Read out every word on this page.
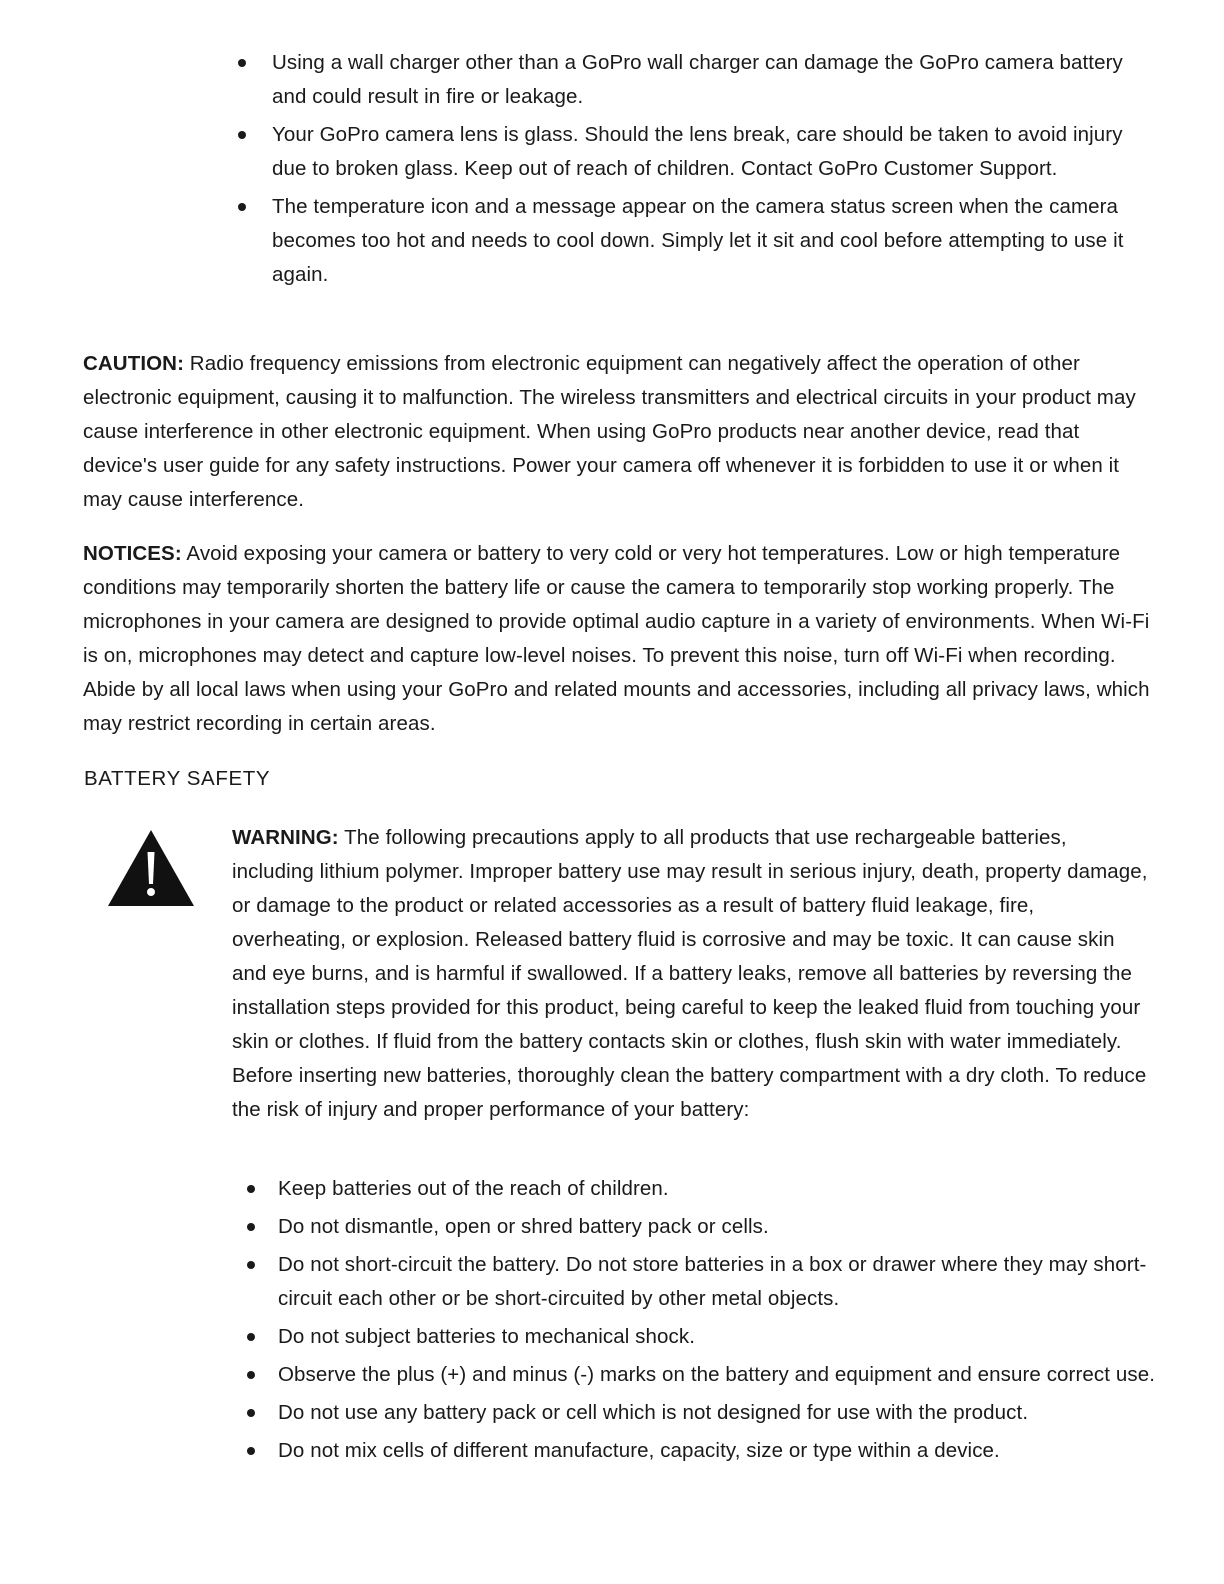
Using a wall charger other than a GoPro wall charger can damage the GoPro camera battery and could result in fire or leakage.
Your GoPro camera lens is glass. Should the lens break, care should be taken to avoid injury due to broken glass. Keep out of reach of children. Contact GoPro Customer Support.
The temperature icon and a message appear on the camera status screen when the camera becomes too hot and needs to cool down. Simply let it sit and cool before attempting to use it again.

CAUTION: Radio frequency emissions from electronic equipment can negatively affect the operation of other electronic equipment, causing it to malfunction. The wireless transmitters and electrical circuits in your product may cause interference in other electronic equipment. When using GoPro products near another device, read that device's user guide for any safety instructions. Power your camera off whenever it is forbidden to use it or when it may cause interference.

NOTICES: Avoid exposing your camera or battery to very cold or very hot temperatures. Low or high temperature conditions may temporarily shorten the battery life or cause the camera to temporarily stop working properly. The microphones in your camera are designed to provide optimal audio capture in a variety of environments. When Wi-Fi is on, microphones may detect and capture low-level noises. To prevent this noise, turn off Wi-Fi when recording. Abide by all local laws when using your GoPro and related mounts and accessories, including all privacy laws, which may restrict recording in certain areas.

BATTERY SAFETY

WARNING: The following precautions apply to all products that use rechargeable batteries, including lithium polymer. Improper battery use may result in serious injury, death, property damage, or damage to the product or related accessories as a result of battery fluid leakage, fire, overheating, or explosion. Released battery fluid is corrosive and may be toxic. It can cause skin and eye burns, and is harmful if swallowed. If a battery leaks, remove all batteries by reversing the installation steps provided for this product, being careful to keep the leaked fluid from touching your skin or clothes. If fluid from the battery contacts skin or clothes, flush skin with water immediately. Before inserting new batteries, thoroughly clean the battery compartment with a dry cloth. To reduce the risk of injury and proper performance of your battery:

Keep batteries out of the reach of children.
Do not dismantle, open or shred battery pack or cells.
Do not short-circuit the battery. Do not store batteries in a box or drawer where they may short-circuit each other or be short-circuited by other metal objects.
Do not subject batteries to mechanical shock.
Observe the plus (+) and minus (-) marks on the battery and equipment and ensure correct use.
Do not use any battery pack or cell which is not designed for use with the product.
Do not mix cells of different manufacture, capacity, size or type within a device.
